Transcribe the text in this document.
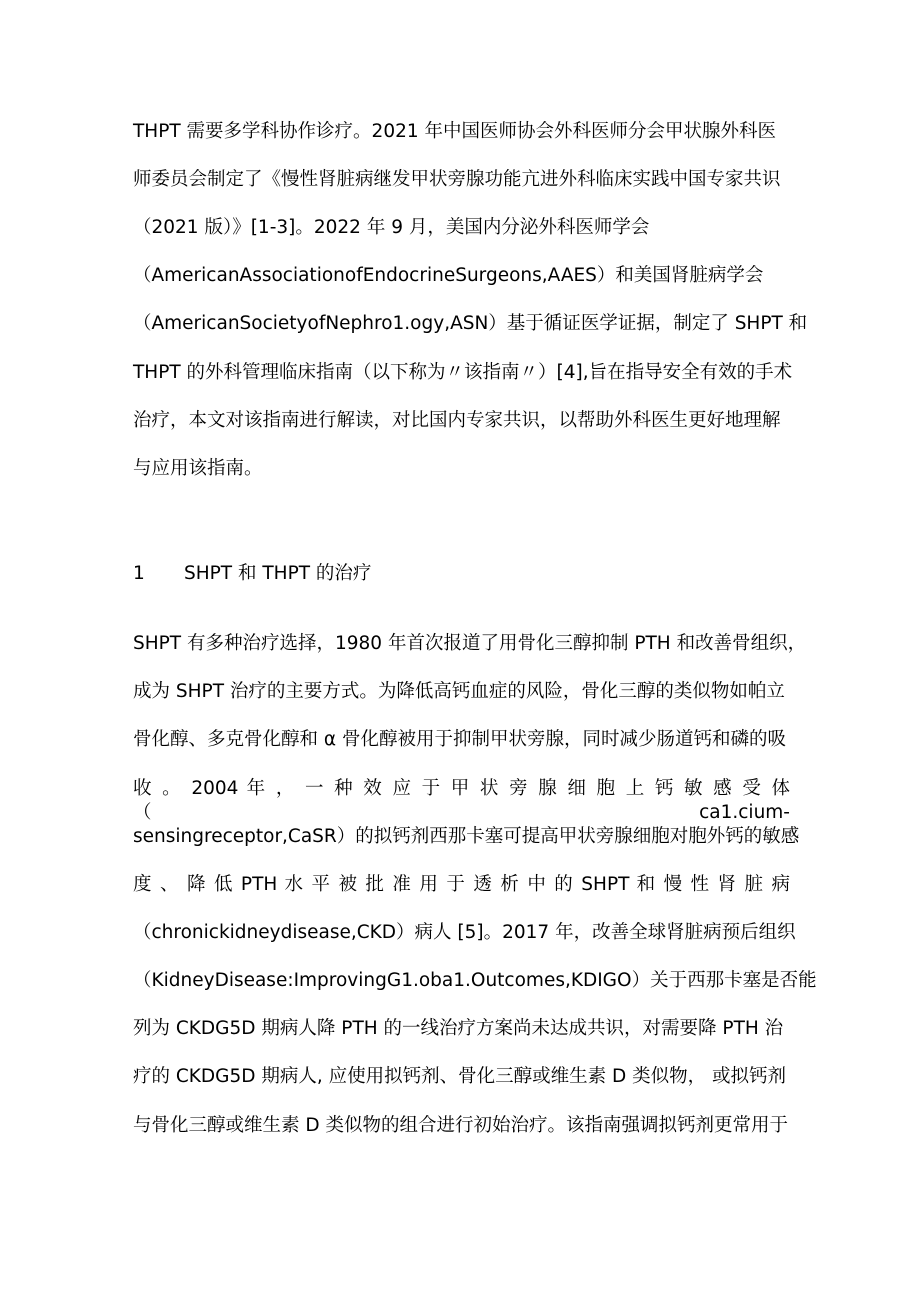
THPT 需要多学科协作诊疗。2021 年中国医师协会外科医师分会甲状腺外科医
师委员会制定了《慢性肾脏病继发甲状旁腺功能亢进外科临床实践中国专家共识
（2021 版）》[1-3]。2022 年 9 月，美国内分泌外科医师学会
（AmericanAssociationofEndocrineSurgeons,AAES）和美国肾脏病学会
（AmericanSocietyofNephro1.ogy,ASN）基于循证医学证据，制定了 SHPT 和
THPT 的外科管理临床指南（以下称为〃该指南〃）[4],旨在指导安全有效的手术
治疗，本文对该指南进行解读，对比国内专家共识，以帮助外科医生更好地理解
与应用该指南。
1 SHPT 和 THPT 的治疗
SHPT 有多种治疗选择，1980 年首次报道了用骨化三醇抑制 PTH 和改善骨组织，
成为 SHPT 治疗的主要方式。为降低高钙血症的风险，骨化三醇的类似物如帕立
骨化醇、多克骨化醇和 α 骨化醇被用于抑制甲状旁腺，同时减少肠道钙和磷的吸
收 。 2004 年 ， 一 种 效 应 于 甲 状 旁 腺 细 胞 上 钙 敏 感 受 体 （ca1.cium-
sensingreceptor,CaSR）的拟钙剂西那卡塞可提高甲状旁腺细胞对胞外钙的敏感
度 、 降 低 PTH 水 平 被 批 准 用 于 透 析 中 的 SHPT 和 慢 性 肾 脏 病
（chronickidneydisease,CKD）病人 [5]。2017 年，改善全球肾脏病预后组织
（KidneyDisease:ImprovingG1.oba1.Outcomes,KDIGO）关于西那卡塞是否能
列为 CKDG5D 期病人降 PTH 的一线治疗方案尚未达成共识，对需要降 PTH 治
疗的 CKDG5D 期病人, 应使用拟钙剂、骨化三醇或维生素 D 类似物， 或拟钙剂
与骨化三醇或维生素 D 类似物的组合进行初始治疗。该指南强调拟钙剂更常用于
